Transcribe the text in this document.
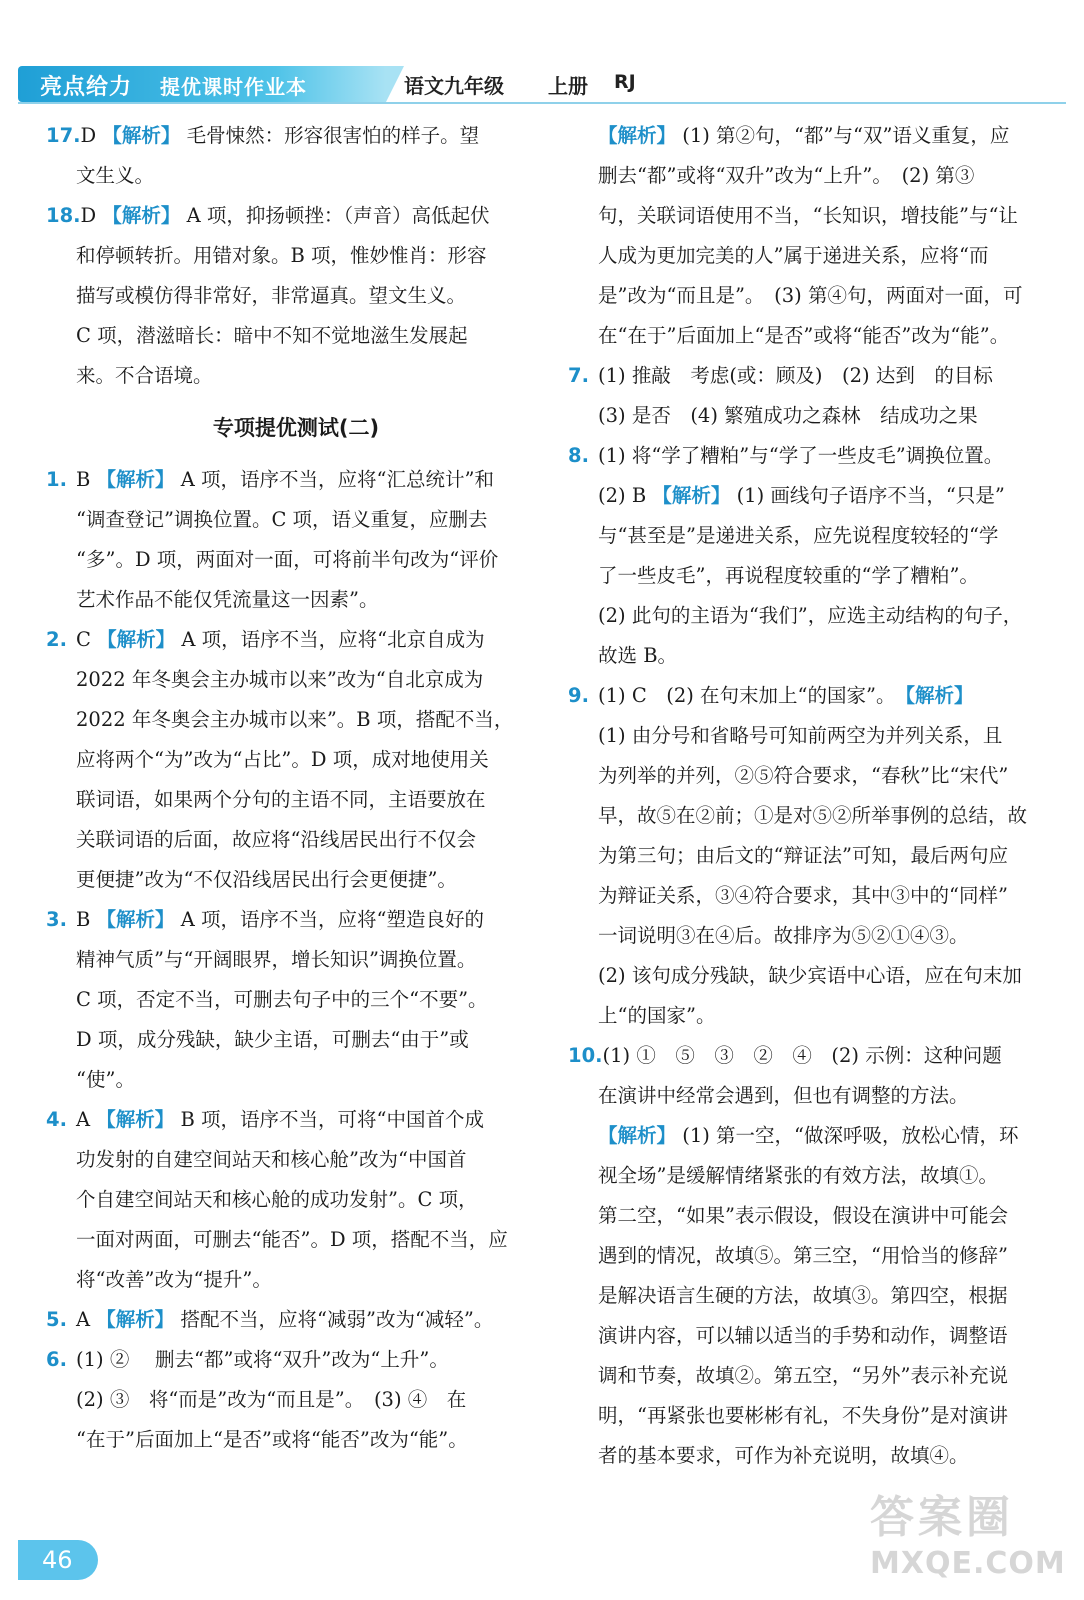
亮点给力 提优课时作业本	语文九年级 上册 RJ

17.D 【解析】 毛骨悚然：形容很害怕的样子。望

文生义。

18.D 【解析】 A 项，抑扬顿挫：（声音）高低起伏

和停顿转折。用错对象。B 项，惟妙惟肖：形容

描写或模仿得非常好，非常逼真。望文生义。

C 项，潜滋暗长：暗中不知不觉地滋生发展起

来。不合语境。

专项提优测试(二)

1. B 【解析】 A 项，语序不当，应将“汇总统计”和

“调查登记”调换位置。C 项，语义重复，应删去

“多”。D 项，两面对一面，可将前半句改为“评价

艺术作品不能仅凭流量这一因素”。

2. C 【解析】 A 项，语序不当，应将“北京自成为

2022 年冬奥会主办城市以来”改为“自北京成为

2022 年冬奥会主办城市以来”。B 项，搭配不当，

应将两个“为”改为“占比”。D 项，成对地使用关

联词语，如果两个分句的主语不同，主语要放在

关联词语的后面，故应将“沿线居民出行不仅会

更便捷”改为“不仅沿线居民出行会更便捷”。

3. B 【解析】 A 项，语序不当，应将“塑造良好的

精神气质”与“开阔眼界，增长知识”调换位置。

C 项，否定不当，可删去句子中的三个“不要”。

D 项，成分残缺，缺少主语，可删去“由于”或

“使”。

4. A 【解析】 B 项，语序不当，可将“中国首个成

功发射的自建空间站天和核心舱”改为“中国首

个自建空间站天和核心舱的成功发射”。C 项，

一面对两面，可删去“能否”。D 项，搭配不当，应

将“改善”改为“提升”。

5. A 【解析】 搭配不当，应将“减弱”改为“减轻”。

6. (1) ②　 删去“都”或将“双升”改为“上升”。

(2) ③　将“而是”改为“而且是”。　(3) ④　在

“在于”后面加上“是否”或将“能否”改为“能”。

【解析】 (1) 第②句，“都”与“双”语义重复，应

删去“都”或将“双升”改为“上升”。　(2) 第③

句，关联词语使用不当，“长知识，增技能”与“让

人成为更加完美的人”属于递进关系，应将“而

是”改为“而且是”。　(3) 第④句，两面对一面，可

在“在于”后面加上“是否”或将“能否”改为“能”。

7. (1) 推敲　考虑(或：顾及)　(2) 达到　的目标

(3) 是否　(4) 繁殖成功之森林　结成功之果

8. (1) 将“学了糟粕”与“学了一些皮毛”调换位置。

(2) B 【解析】 (1) 画线句子语序不当，“只是”

与“甚至是”是递进关系，应先说程度较轻的“学

了一些皮毛”，再说程度较重的“学了糟粕”。

(2) 此句的主语为“我们”，应选主动结构的句子，

故选 B。

9. (1) C　(2) 在句末加上“的国家”。　 【解析】

(1) 由分号和省略号可知前两空为并列关系，且

为列举的并列，②⑤符合要求，“春秋”比“宋代”

早，故⑤在②前；①是对⑤②所举事例的总结，故

为第三句；由后文的“辩证法”可知，最后两句应

为辩证关系，③④符合要求，其中③中的“同样”

一词说明③在④后。故排序为⑤②①④③。

(2) 该句成分残缺，缺少宾语中心语，应在句末加

上“的国家”。

10.(1) ①　⑤　③　②　④　(2) 示例：这种问题

在演讲中经常会遇到，但也有调整的方法。

【解析】 (1) 第一空，“做深呼吸，放松心情，环

视全场”是缓解情绪紧张的有效方法，故填①。

第二空，“如果”表示假设，假设在演讲中可能会

遇到的情况，故填⑤。第三空，“用恰当的修辞”

是解决语言生硬的方法，故填③。第四空，根据

演讲内容，可以辅以适当的手势和动作，调整语

调和节奏，故填②。第五空，“另外”表示补充说

明，“再紧张也要彬彬有礼，不失身份”是对演讲

者的基本要求，可作为补充说明，故填④。

46
答案圈
MXQE.COM
